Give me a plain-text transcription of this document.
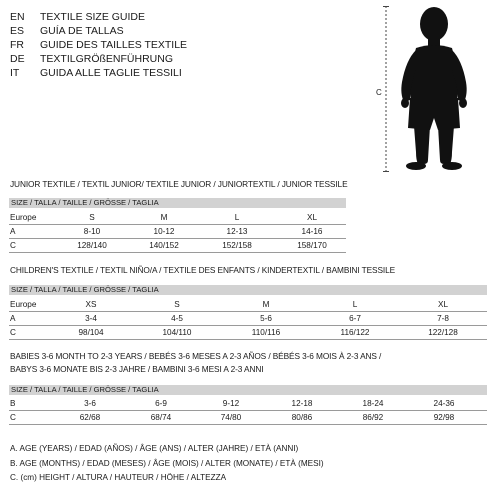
EN TEXTILE SIZE GUIDE
ES GUÍA DE TALLAS
FR GUIDE DES TAILLES TEXTILE
DE TEXTILGRÖßENFÜHRUNG
IT GUIDA ALLE TAGLIE TESSILI
C
JUNIOR TEXTILE / TEXTIL JUNIOR/ TEXTILE JUNIOR / JUNIORTEXTIL / JUNIOR TESSILE
SIZE / TALLA / TAILLE / GRÖSSE / TAGLIA
Europe	S	M	L	XL
A	8-10	10-12	12-13	14-16
C	128/140	140/152	152/158	158/170
CHILDREN'S TEXTILE / TEXTIL NIÑO/A / TEXTILE DES ENFANTS / KINDERTEXTIL / BAMBINI TESSILE
SIZE / TALLA / TAILLE / GRÖSSE / TAGLIA
Europe	XS	S	M	L	XL
A	3-4	4-5	5-6	6-7	7-8
C	98/104	104/110	110/116	116/122	122/128
BABIES 3-6 MONTH TO 2-3 YEARS / BEBÉS 3-6 MESES A 2-3 AÑOS / BÉBÉS 3-6 MOIS À 2-3 ANS /
BABYS 3-6 MONATE BIS 2-3 JAHRE / BAMBINI 3-6 MESI A 2-3 ANNI
SIZE / TALLA / TAILLE / GRÖSSE / TAGLIA
B	3-6	6-9	9-12	12-18	18-24	24-36
C	62/68	68/74	74/80	80/86	86/92	92/98
A. AGE (YEARS) / EDAD (AÑOS) / ÂGE (ANS) / ALTER (JAHRE) / ETÀ (ANNI)
B. AGE (MONTHS) / EDAD (MESES) / ÂGE (MOIS) / ALTER (MONATE) / ETÀ (MESI)
C. (cm) HEIGHT / ALTURA / HAUTEUR / HÖHE / ALTEZZA
